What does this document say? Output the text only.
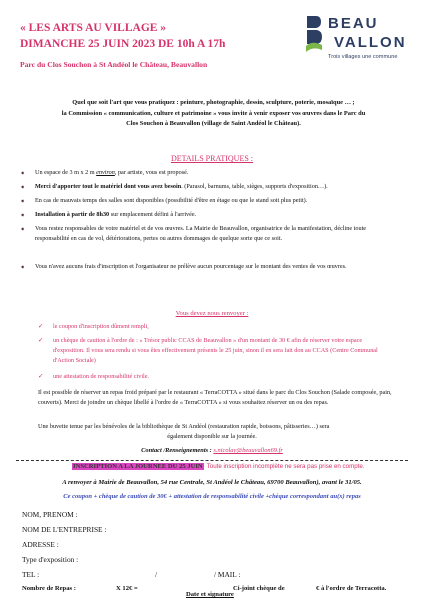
« LES ARTS AU VILLAGE »
DIMANCHE 25 JUIN 2023 DE 10h A 17h
Parc du Clos Souchon à St Andéol le Château, Beauvallon
BEAU
VALLON
Trois villages une commune
Quel que soit l'art que vous pratiquez : peinture, photographie, dessin, sculpture, poterie, mosaïque … ;
la Commission « communication, culture et patrimoine » vous invite à venir exposer vos œuvres dans le Parc du
Clos Souchon à Beauvallon (village de Saint Andéol le Château).
DETAILS PRATIQUES :
➧ Un espace de 3 m x 2 m environ, par artiste, vous est proposé.
➧ Merci d'apporter tout le matériel dont vous avez besoin. (Parasol, barnums, table, sièges, supports d'exposition…).
➧ En cas de mauvais temps des salles sont disponibles (possibilité d'être en étage ou que le stand soit plus petit).
➧ Installation à partir de 8h30 sur emplacement défini à l'arrivée.
➧ Vous restez responsables de votre matériel et de vos œuvres. La Mairie de Beauvallon, organisatrice de la manifestation, décline toute responsabilité en cas de vol, détériorations, pertes ou autres dommages de quelque sorte que ce soit.
➧ Vous n'avez aucuns frais d'inscription et l'organisateur ne prélève aucun pourcentage sur le montant des ventes de vos œuvres.
Vous devez nous renvoyer :
✓ le coupon d'inscription dûment rempli,
✓ un chèque de caution à l'ordre de : « Trésor public CCAS de Beauvallon » d'un montant de 30 € afin de réserver votre espace d'exposition. Il vous sera rendu si vous êtes effectivement présents le 25 juin, sinon il en sera fait don au CCAS (Centre Communal d'Action Sociale)
✓ une attestation de responsabilité civile.
Il est possible de réserver un repas froid préparé par le restaurant « TerraCOTTA » situé dans le parc du Clos Souchon (Salade composée, pain, couverts). Merci de joindre un chèque libellé à l'ordre de « TerraCOTTA » si vous souhaitez réserver un ou des repas.
Une buvette tenue par les bénévoles de la bibliothèque de St Andéol (restauration rapide, boissons, pâtisseries…) sera
également disponible sur la journée.
Contact /Renseignements : s.nicolay@beauvallon69.fr
INSCRIPTION A LA JOURNEE DU 25 JUIN Toute inscription incomplète ne sera pas prise en compte.
A renvoyer à Mairie de Beauvallon, 54 rue Centrale, St Andéol le Château, 69700 Beauvallon), avant le 31/05.
Ce coupon + chèque de caution de 30€ + attestation de responsabilité civile +chèque correspondant au(x) repas
NOM, PRENOM :
NOM DE L'ENTREPRISE :
ADRESSE :
Type d'exposition :
TEL :	/	/ MAIL :
Nombre de Repas :	X 12€ =	Ci-joint chèque de	€ à l'ordre de Terracotta.
Date et signature
